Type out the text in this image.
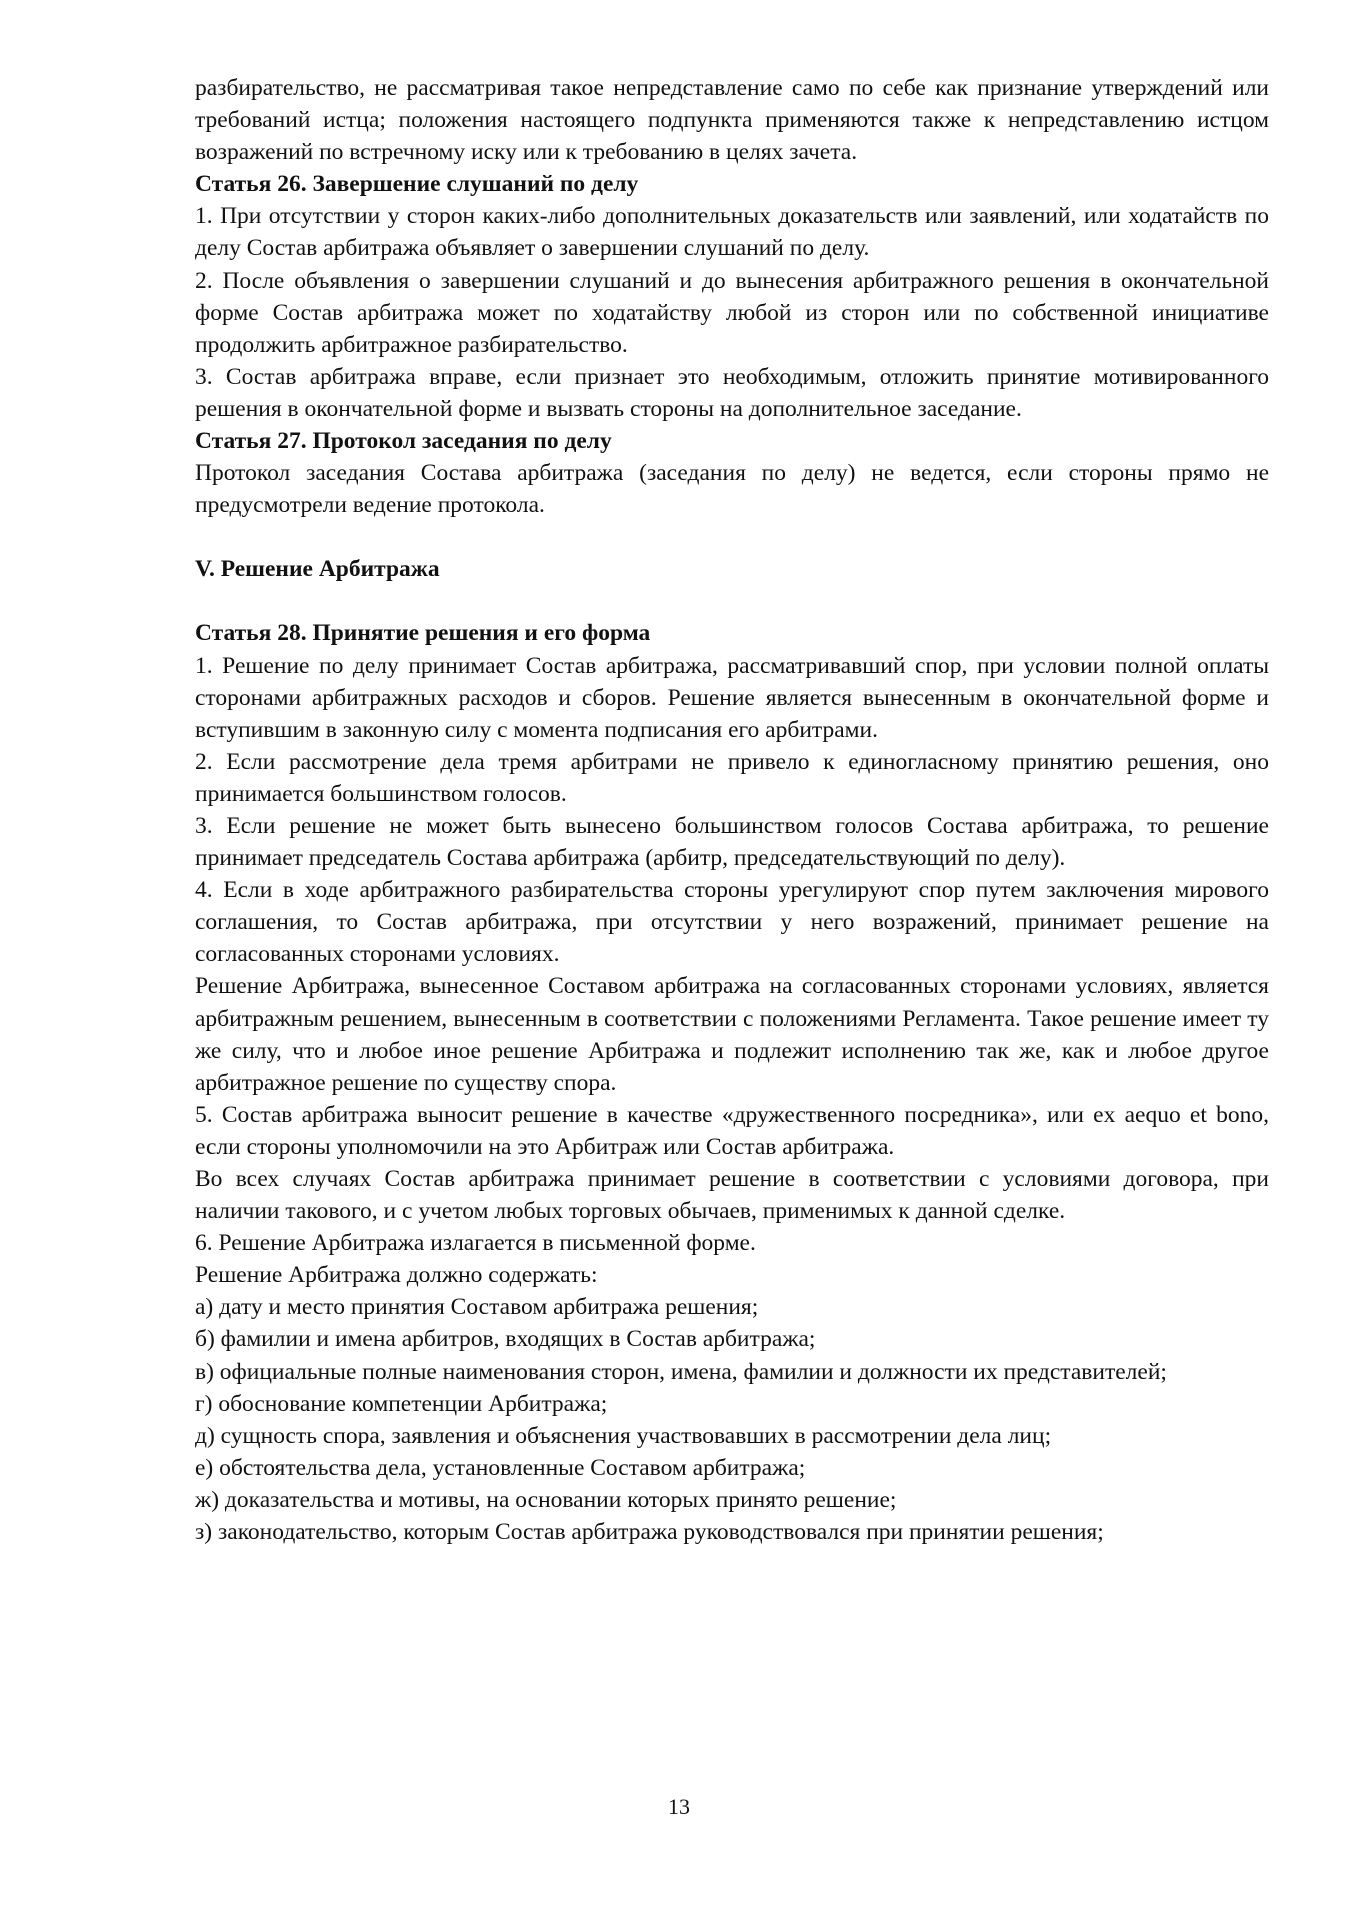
разбирательство, не рассматривая такое непредставление само по себе как признание утверждений или требований истца; положения настоящего подпункта применяются также к непредставлению истцом возражений по встречному иску или к требованию в целях зачета.

Статья 26. Завершение слушаний по делу

1. При отсутствии у сторон каких-либо дополнительных доказательств или заявлений, или ходатайств по делу Состав арбитража объявляет о завершении слушаний по делу.

2. После объявления о завершении слушаний и до вынесения арбитражного решения в окончательной форме Состав арбитража может по ходатайству любой из сторон или по собственной инициативе продолжить арбитражное разбирательство.

3. Состав арбитража вправе, если признает это необходимым, отложить принятие мотивированного решения в окончательной форме и вызвать стороны на дополнительное заседание.

Статья 27. Протокол заседания по делу

Протокол заседания Состава арбитража (заседания по делу) не ведется, если стороны прямо не предусмотрели ведение протокола.

V. Решение Арбитража

Статья 28. Принятие решения и его форма

1. Решение по делу принимает Состав арбитража, рассматривавший спор, при условии полной оплаты сторонами арбитражных расходов и сборов. Решение является вынесенным в окончательной форме и вступившим в законную силу с момента подписания его арбитрами.

2. Если рассмотрение дела тремя арбитрами не привело к единогласному принятию решения, оно принимается большинством голосов.

3. Если решение не может быть вынесено большинством голосов Состава арбитража, то решение принимает председатель Состава арбитража (арбитр, председательствующий по делу).

4. Если в ходе арбитражного разбирательства стороны урегулируют спор путем заключения мирового соглашения, то Состав арбитража, при отсутствии у него возражений, принимает решение на согласованных сторонами условиях.

Решение Арбитража, вынесенное Составом арбитража на согласованных сторонами условиях, является арбитражным решением, вынесенным в соответствии с положениями Регламента. Такое решение имеет ту же силу, что и любое иное решение Арбитража и подлежит исполнению так же, как и любое другое арбитражное решение по существу спора.

5. Состав арбитража выносит решение в качестве «дружественного посредника», или ex aequo et bono, если стороны уполномочили на это Арбитраж или Состав арбитража.

Во всех случаях Состав арбитража принимает решение в соответствии с условиями договора, при наличии такового, и с учетом любых торговых обычаев, применимых к данной сделке.

6. Решение Арбитража излагается в письменной форме.

Решение Арбитража должно содержать:

а) дату и место принятия Составом арбитража решения;

б) фамилии и имена арбитров, входящих в Состав арбитража;

в) официальные полные наименования сторон, имена, фамилии и должности их представителей;

г) обоснование компетенции Арбитража;

д) сущность спора, заявления и объяснения участвовавших в рассмотрении дела лиц;

е) обстоятельства дела, установленные Составом арбитража;

ж) доказательства и мотивы, на основании которых принято решение;

з) законодательство, которым Состав арбитража руководствовался при принятии решения;

13
